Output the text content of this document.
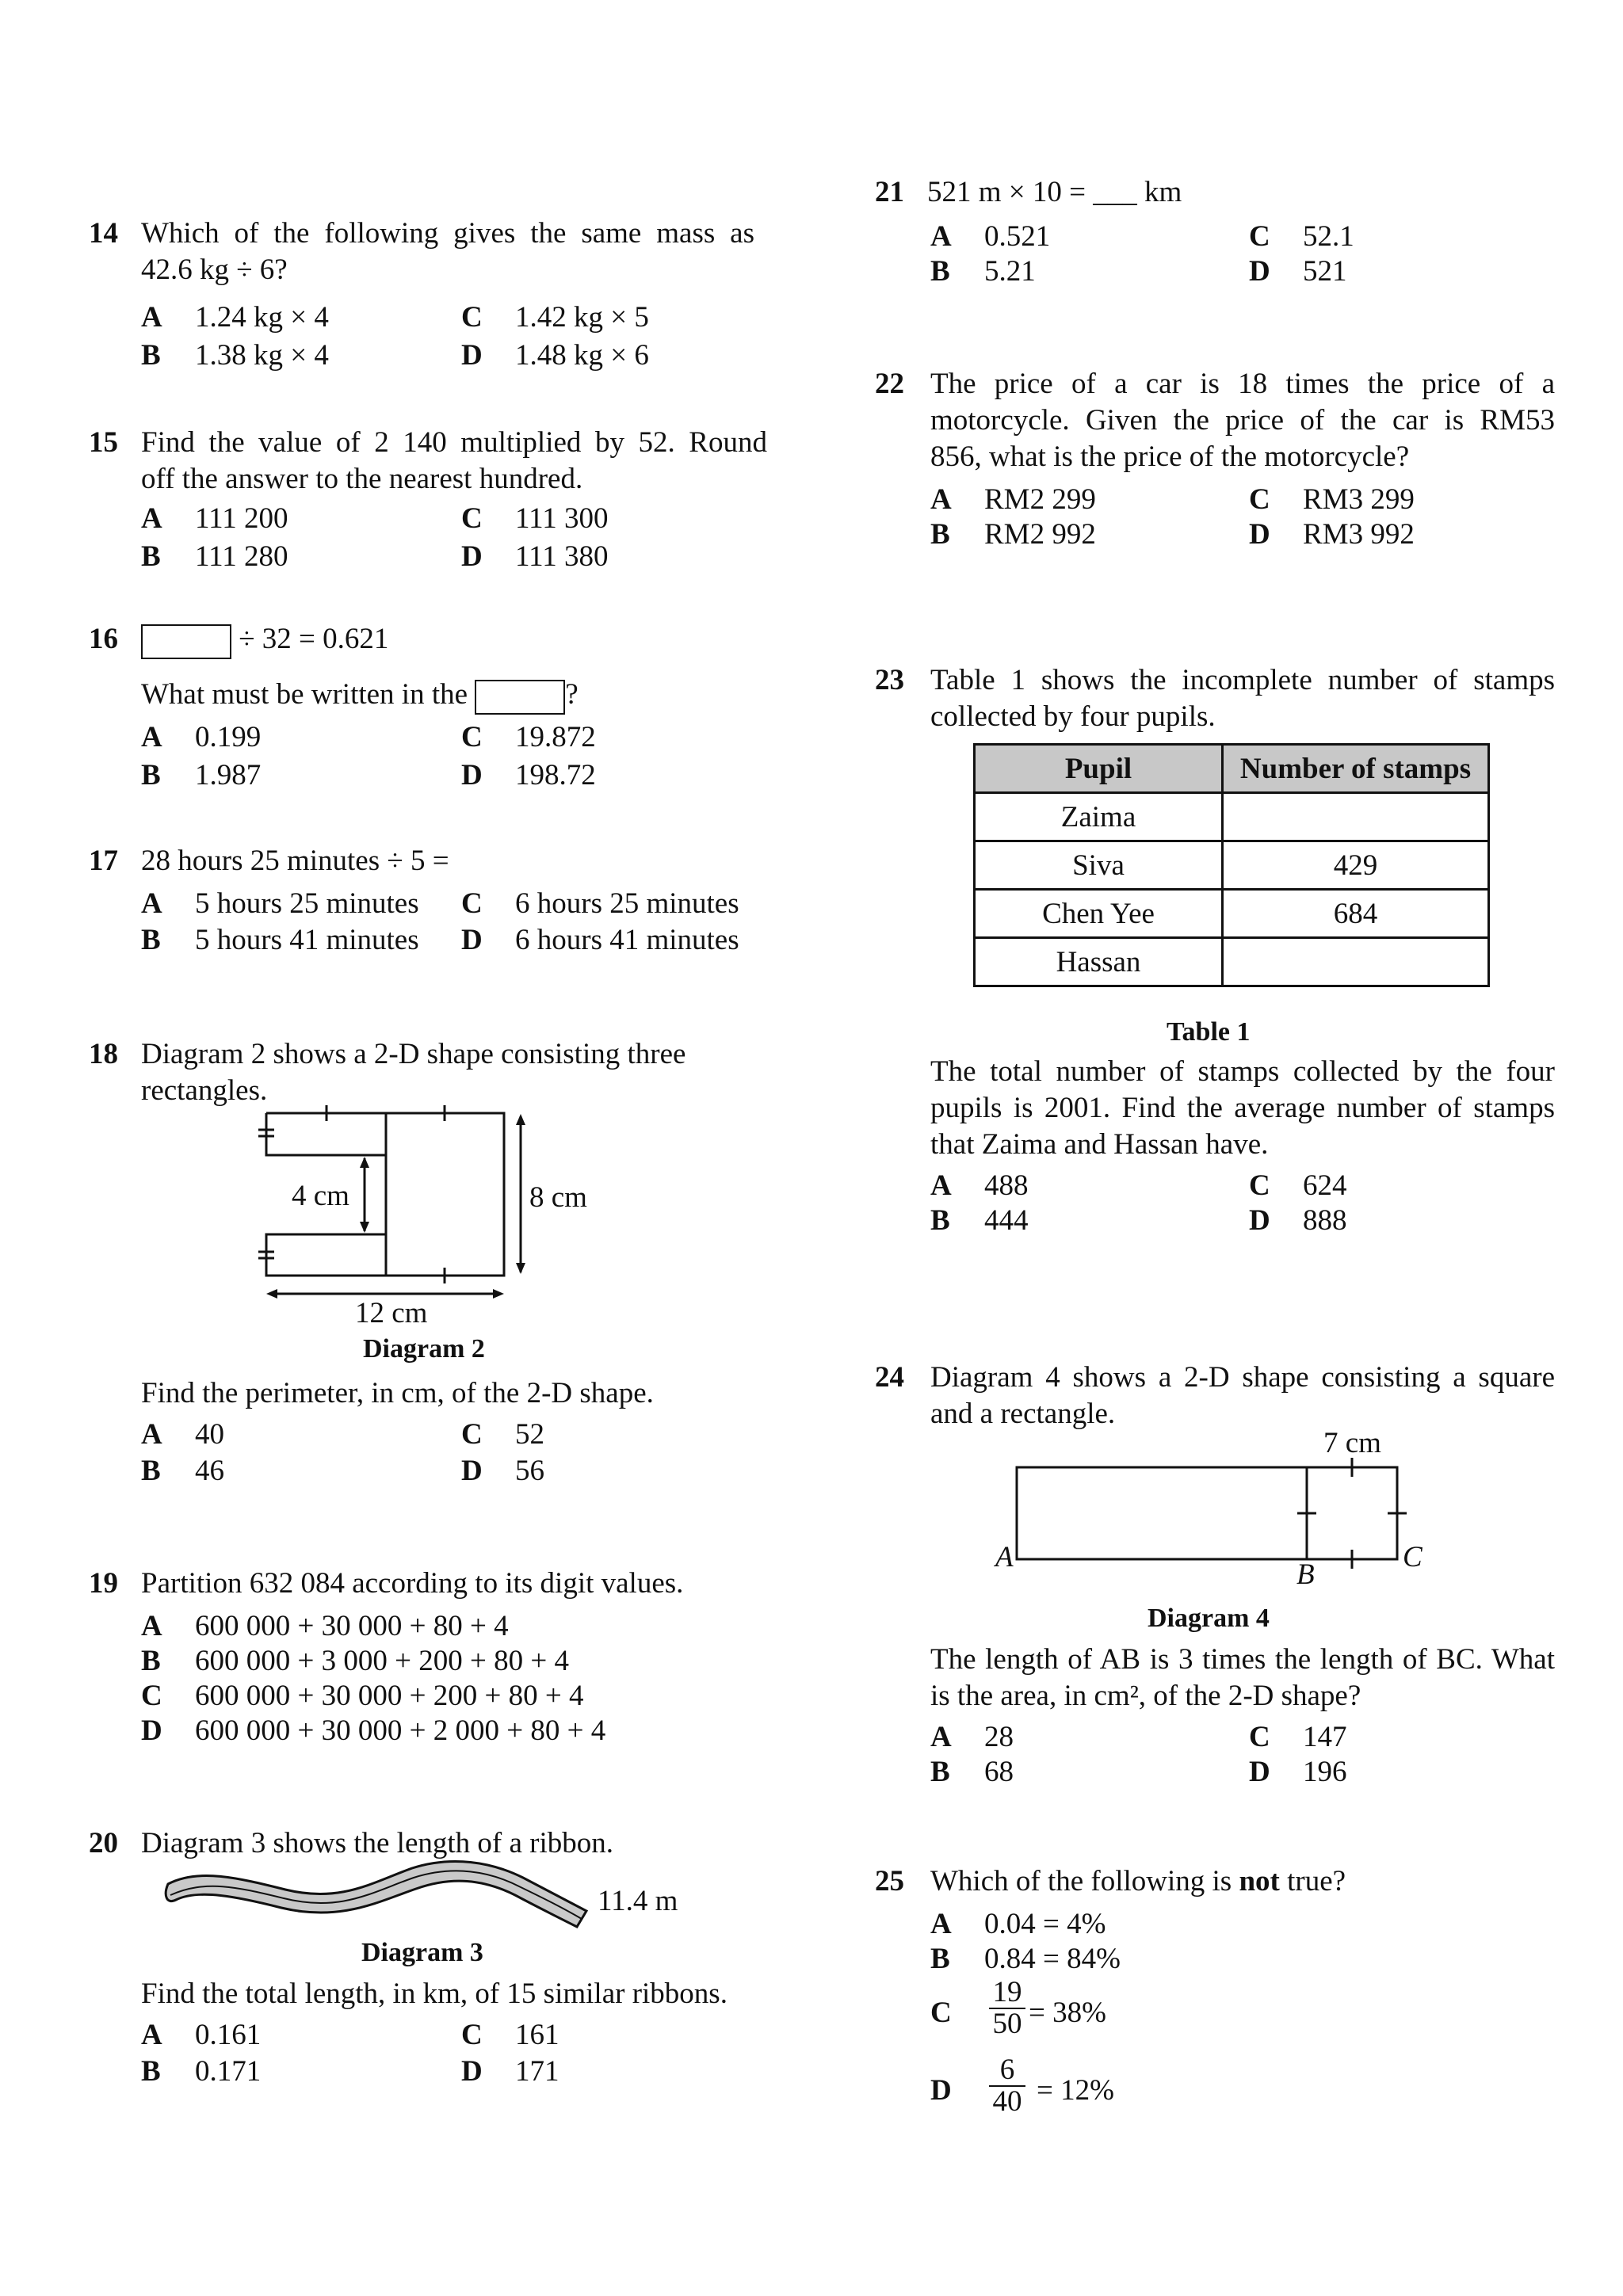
14 Which of the following gives the same mass as
42.6 kg ÷ 6?
A 1.24 kg × 4
B 1.38 kg × 4
C 1.42 kg × 5
D 1.48 kg × 6
15 Find the value of 2 140 multiplied by 52. Round
off the answer to the nearest hundred.
A 111 200
B 111 280
C 111 300
D 111 380
16	÷ 32 = 0.621
What must be written in the	?
A 0.199
B 1.987
C 19.872
D 198.72
17 28 hours 25 minutes ÷ 5 =
A 5 hours 25 minutes
B 5 hours 41 minutes
C 6 hours 25 minutes
D 6 hours 41 minutes
18 Diagram 2 shows a 2-D shape consisting three
rectangles.
4 cm	8 cm
12 cm
Diagram 2
Find the perimeter, in cm, of the 2-D shape.
A 40
B 46
C 52
D 56
19 Partition 632 084 according to its digit values.
A 600 000 + 30 000 + 80 + 4
B 600 000 + 3 000 + 200 + 80 + 4
C 600 000 + 30 000 + 200 + 80 + 4
D 600 000 + 30 000 + 2 000 + 80 + 4
20 Diagram 3 shows the length of a ribbon.
11.4 m
Diagram 3
Find the total length, in km, of 15 similar ribbons.
A 0.161
B 0.171
C 161
D 171
21 521 m × 10 = ___ km
A 0.521
B 5.21
C 52.1
D 521
22 The price of a car is 18 times the price of a
motorcycle. Given the price of the car is RM53
856, what is the price of the motorcycle?
A RM2 299
B RM2 992
C RM3 299
D RM3 992
23 Table 1 shows the incomplete number of stamps
collected by four pupils.
Pupil	Number of stamps
Zaima	
Siva	429
Chen Yee	684
Hassan	
Table 1
The total number of stamps collected by the four
pupils is 2001. Find the average number of stamps
that Zaima and Hassan have.
A 488
B 444
C 624
D 888
24 Diagram 4 shows a 2-D shape consisting a square
and a rectangle.
7 cm
A
B
C
Diagram 4
The length of AB is 3 times the length of BC. What
is the area, in cm², of the 2-D shape?
A 28
B 68
C 147
D 196
25 Which of the following is not true?
A 0.04 = 4%
B 0.84 = 84%
C $\frac{19}{50} = 38\%$
D $\frac{6}{40} = 12\%$
